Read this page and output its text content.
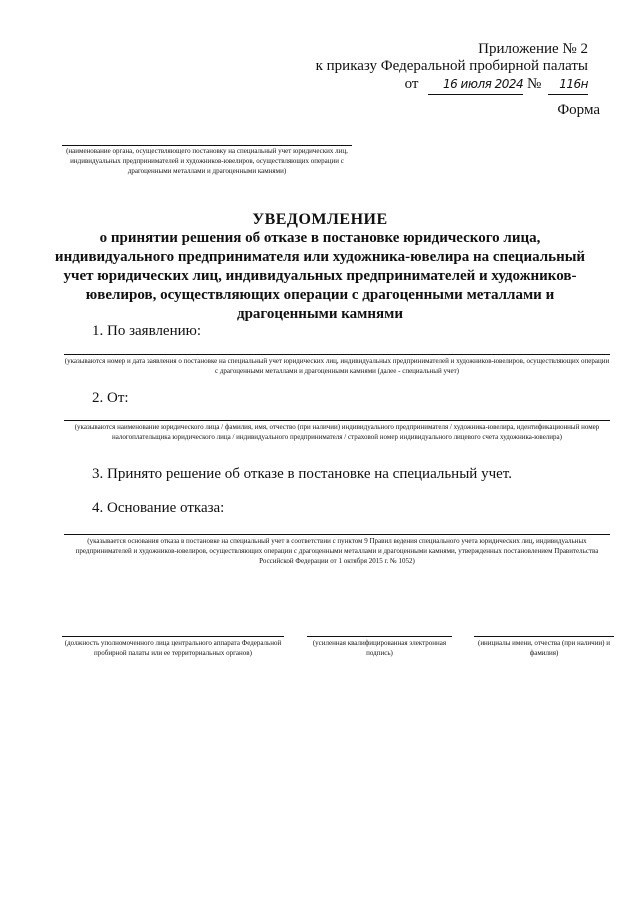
Приложение № 2
к приказу Федеральной пробирной палаты
от 16 июля 2024 № 116н
Форма
(наименование органа, осуществляющего постановку на специальный учет юридических лиц, индивидуальных предпринимателей и художников-ювелиров, осуществляющих операции с драгоценными металлами и драгоценными камнями)
УВЕДОМЛЕНИЕ
о принятии решения об отказе в постановке юридического лица, индивидуального предпринимателя или художника-ювелира на специальный учет юридических лиц, индивидуальных предпринимателей и художников-ювелиров, осуществляющих операции с драгоценными металлами и драгоценными камнями
1. По заявлению:
(указываются номер и дата заявления о постановке на специальный учет юридических лиц, индивидуальных предпринимателей и художников-ювелиров, осуществляющих операции с драгоценными металлами и драгоценными камнями (далее - специальный учет)
2. От:
(указываются наименование юридического лица / фамилия, имя, отчество (при наличии) индивидуального предпринимателя / художника-ювелира, идентификационный номер налогоплательщика юридического лица / индивидуального предпринимателя / страховой номер индивидуального лицевого счета художника-ювелира)
3. Принято решение об отказе в постановке на специальный учет.
4. Основание отказа:
(указывается основания отказа в постановке на специальный учет в соответствии с пунктом 9 Правил ведения специального учета юридических лиц, индивидуальных предпринимателей и художников-ювелиров, осуществляющих операции с драгоценными металлами и драгоценными камнями, утвержденных постановлением Правительства Российской Федерации от 1 октября 2015 г. № 1052)
(должность уполномоченного лица центрального аппарата Федеральной пробирной палаты или ее территориальных органов)
(усиленная квалифицированная электронная подпись)
(инициалы имени, отчества (при наличии) и фамилия)
